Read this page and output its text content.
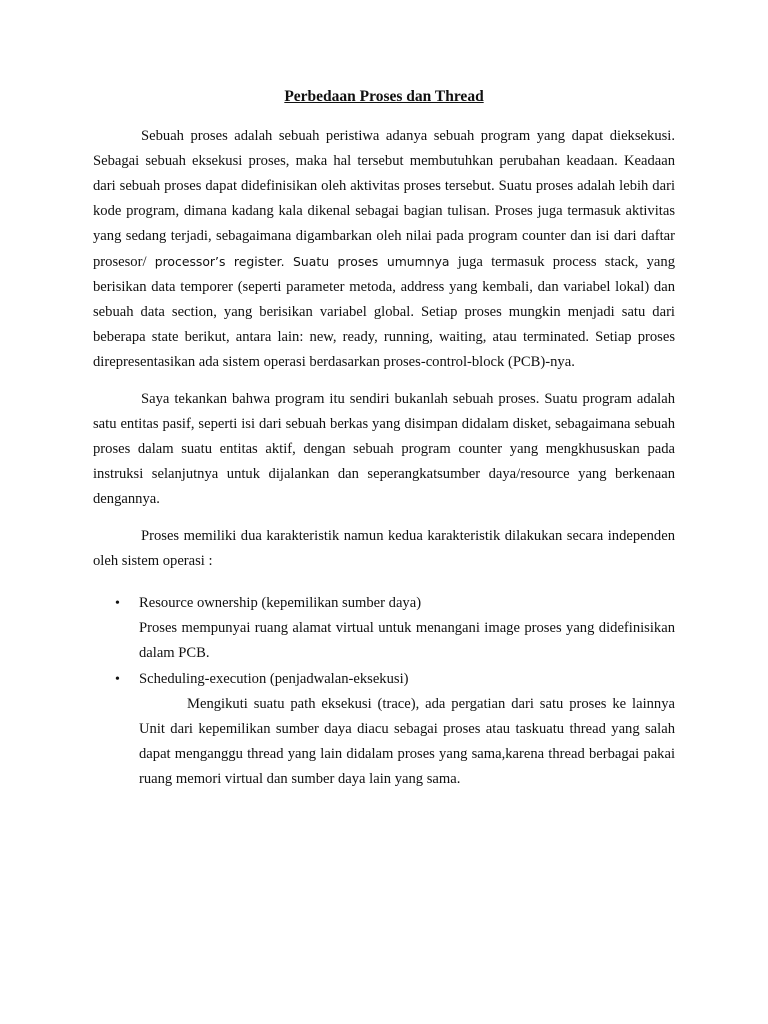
Perbedaan Proses dan Thread

Sebuah proses adalah sebuah peristiwa adanya sebuah program yang dapat dieksekusi. Sebagai sebuah eksekusi proses, maka hal tersebut membutuhkan perubahan keadaan. Keadaan dari sebuah proses dapat didefinisikan oleh aktivitas proses tersebut. Suatu proses adalah lebih dari kode program, dimana kadang kala dikenal sebagai bagian tulisan. Proses juga termasuk aktivitas yang sedang terjadi, sebagaimana digambarkan oleh nilai pada program counter dan isi dari daftar prosesor/ processor’s register. Suatu proses umumnya juga termasuk process stack, yang berisikan data temporer (seperti parameter metoda, address yang kembali, dan variabel lokal) dan sebuah data section, yang berisikan variabel global. Setiap proses mungkin menjadi satu dari beberapa state berikut, antara lain: new, ready, running, waiting, atau terminated. Setiap proses direpresentasikan ada sistem operasi berdasarkan proses-control-block (PCB)-nya.

Saya tekankan bahwa program itu sendiri bukanlah sebuah proses. Suatu program adalah satu entitas pasif, seperti isi dari sebuah berkas yang disimpan didalam disket, sebagaimana sebuah proses dalam suatu entitas aktif, dengan sebuah program counter yang mengkhususkan pada instruksi selanjutnya untuk dijalankan dan seperangkatsumber daya/resource yang berkenaan dengannya.

Proses memiliki dua karakteristik namun kedua karakteristik dilakukan secara independen oleh sistem operasi :

• Resource ownership (kepemilikan sumber daya)

Proses mempunyai ruang alamat virtual untuk menangani image proses yang didefinisikan dalam PCB.

• Scheduling-execution (penjadwalan-eksekusi)

Mengikuti suatu path eksekusi (trace), ada pergatian dari satu proses ke lainnya Unit dari kepemilikan sumber daya diacu sebagai proses atau taskuatu thread yang salah dapat menganggu thread yang lain didalam proses yang sama,karena thread berbagai pakai ruang memori virtual dan sumber daya lain yang sama.
